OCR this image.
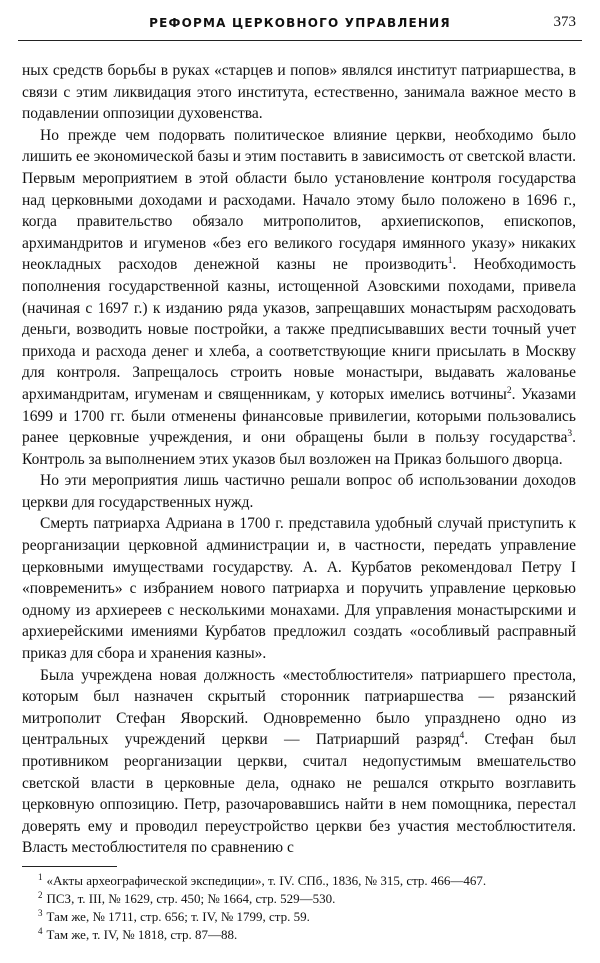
РЕФОРМА ЦЕРКОВНОГО УПРАВЛЕНИЯ	373

ных средств борьбы в руках «старцев и попов» являлся институт патриаршества, в связи с этим ликвидация этого института, естественно, занимала важное место в подавлении оппозиции духовенства.

Но прежде чем подорвать политическое влияние церкви, необходимо было лишить ее экономической базы и этим поставить в зависимость от светской власти. Первым мероприятием в этой области было установление контроля государства над церковными доходами и расходами. Начало этому было положено в 1696 г., когда правительство обязало митрополитов, архиепископов, епископов, архимандритов и игуменов «без его великого государя имянного указу» никаких неокладных расходов денежной казны не производить$^1$. Необходимость пополнения государственной казны, истощенной Азовскими походами, привела (начиная с 1697 г.) к изданию ряда указов, запрещавших монастырям расходовать деньги, возводить новые постройки, а также предписывавших вести точный учет прихода и расхода денег и хлеба, а соответствующие книги присылать в Москву для контроля. Запрещалось строить новые монастыри, выдавать жалованье архимандритам, игуменам и священникам, у которых имелись вотчины$^2$. Указами 1699 и 1700 гг. были отменены финансовые привилегии, которыми пользовались ранее церковные учреждения, и они обращены были в пользу государства$^3$. Контроль за выполнением этих указов был возложен на Приказ большого дворца.

Но эти мероприятия лишь частично решали вопрос об использовании доходов церкви для государственных нужд.

Смерть патриарха Адриана в 1700 г. представила удобный случай приступить к реорганизации церковной администрации и, в частности, передать управление церковными имуществами государству. А. А. Курбатов рекомендовал Петру I «повременить» с избранием нового патриарха и поручить управление церковью одному из архиереев с несколькими монахами. Для управления монастырскими и архиерейскими имениями Курбатов предложил создать «особливый расправный приказ для сбора и хранения казны».

Была учреждена новая должность «местоблюстителя» патриаршего престола, которым был назначен скрытый сторонник патриаршества — рязанский митрополит Стефан Яворский. Одновременно было упразднено одно из центральных учреждений церкви — Патриарший разряд$^4$. Стефан был противником реорганизации церкви, считал недопустимым вмешательство светской власти в церковные дела, однако не решался открыто возглавить церковную оппозицию. Петр, разочаровавшись найти в нем помощника, перестал доверять ему и проводил переустройство церкви без участия местоблюстителя. Власть местоблюстителя по сравнению с

$^1$ «Акты археографической экспедиции», т. IV. СПб., 1836, № 315, стр. 466—467.
$^2$ ПСЗ, т. III, № 1629, стр. 450; № 1664, стр. 529—530.
$^3$ Там же, № 1711, стр. 656; т. IV, № 1799, стр. 59.
$^4$ Там же, т. IV, № 1818, стр. 87—88.
